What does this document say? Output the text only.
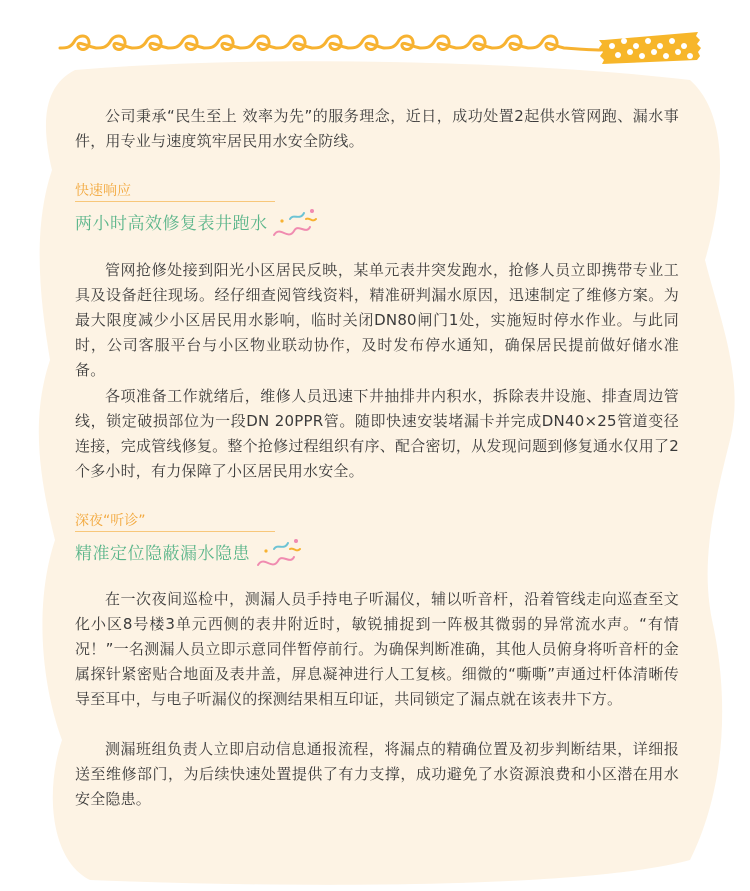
公司秉承“民生至上 效率为先”的服务理念，近日，成功处置2起供水管网跑、漏水事件，用专业与速度筑牢居民用水安全防线。

快速响应

两小时高效修复表井跑水

管网抢修处接到阳光小区居民反映，某单元表井突发跑水，抢修人员立即携带专业工具及设备赶往现场。经仔细查阅管线资料，精准研判漏水原因，迅速制定了维修方案。为最大限度减少小区居民用水影响，临时关闭DN80闸门1处，实施短时停水作业。与此同时，公司客服平台与小区物业联动协作，及时发布停水通知，确保居民提前做好储水准备。

各项准备工作就绪后，维修人员迅速下井抽排井内积水，拆除表井设施、排查周边管线，锁定破损部位为一段DN 20PPR管。随即快速安装堵漏卡并完成DN40×25管道变径连接，完成管线修复。整个抢修过程组织有序、配合密切，从发现问题到修复通水仅用了2个多小时，有力保障了小区居民用水安全。

深夜“听诊”

精准定位隐蔽漏水隐患

在一次夜间巡检中，测漏人员手持电子听漏仪，辅以听音杆，沿着管线走向巡查至文化小区8号楼3单元西侧的表井附近时，敏锐捕捉到一阵极其微弱的异常流水声。“有情况！”一名测漏人员立即示意同伴暂停前行。为确保判断准确，其他人员俯身将听音杆的金属探针紧密贴合地面及表井盖，屏息凝神进行人工复核。细微的“嘶嘶”声通过杆体清晰传导至耳中，与电子听漏仪的探测结果相互印证，共同锁定了漏点就在该表井下方。

测漏班组负责人立即启动信息通报流程，将漏点的精确位置及初步判断结果，详细报送至维修部门，为后续快速处置提供了有力支撑，成功避免了水资源浪费和小区潜在用水安全隐患。
